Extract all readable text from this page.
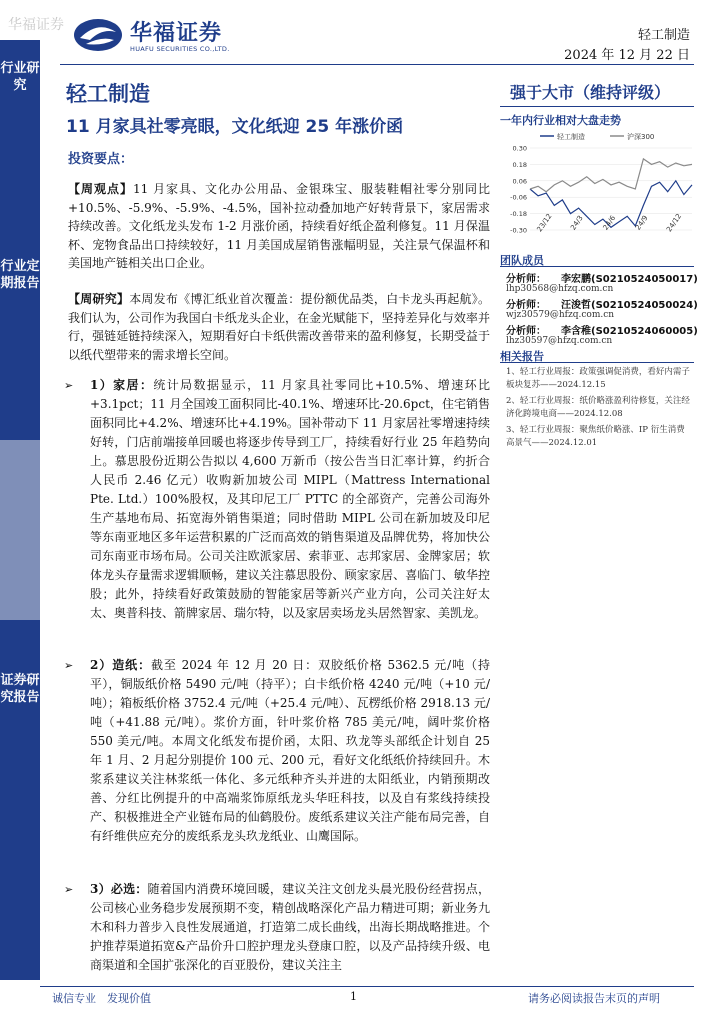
华福证券	华福证券
HUAFU SECURITIES CO.,LTD.
轻工制造
2024 年 12 月 22 日
行业研究
行业定期报告
证券研究报告
轻工制造
11 月家具社零亮眼，文化纸迎 25 年涨价函
投资要点：
【周观点】11 月家具、文化办公用品、金银珠宝、服装鞋帽社零分别同比+10.5%、-5.9%、-5.9%、-4.5%，国补拉动叠加地产好转背景下，家居需求持续改善。文化纸龙头发布 1-2 月涨价函，持续看好纸企盈利修复。11 月保温杯、宠物食品出口持续较好，11 月美国成屋销售涨幅明显，关注景气保温杯和美国地产链相关出口企业。
【周研究】本周发布《博汇纸业首次覆盖：提份额优品类，白卡龙头再起航》。我们认为，公司作为我国白卡纸龙头企业，在金光赋能下，坚持差异化与效率并行，强链延链持续深入，短期看好白卡纸供需改善带来的盈利修复，长期受益于以纸代塑带来的需求增长空间。
➢ 1）家居：统计局数据显示，11 月家具社零同比+10.5%、增速环比+3.1pct；11 月全国竣工面积同比-40.1%、增速环比-20.6pct，住宅销售面积同比+4.2%、增速环比+4.19%。国补带动下 11 月家居社零增速持续好转，门店前端接单回暖也将逐步传导到工厂，持续看好行业 25 年趋势向上。慕思股份近期公告拟以 4,600 万新币（按公告当日汇率计算，约折合人民币 2.46 亿元）收购新加坡公司 MIPL（Mattress International Pte. Ltd.）100%股权，及其印尼工厂 PTTC 的全部资产，完善公司海外生产基地布局、拓宽海外销售渠道；同时借助 MIPL 公司在新加坡及印尼等东南亚地区多年运营积累的广泛而高效的销售渠道及品牌优势，将加快公司东南亚市场布局。公司关注欧派家居、索菲亚、志邦家居、金牌家居；软体龙头存量需求逻辑顺畅，建议关注慕思股份、顾家家居、喜临门、敏华控股；此外，持续看好政策鼓励的智能家居等新兴产业方向，公司关注好太太、奥普科技、箭牌家居、瑞尔特，以及家居卖场龙头居然智家、美凯龙。
➢ 2）造纸：截至 2024 年 12 月 20 日：双胶纸价格 5362.5 元/吨（持平），铜版纸价格 5490 元/吨（持平）；白卡纸价格 4240 元/吨（+10 元/吨）；箱板纸价格 3752.4 元/吨（+25.4 元/吨）、瓦楞纸价格 2918.13 元/吨（+41.88 元/吨）。浆价方面，针叶浆价格 785 美元/吨，阔叶浆价格 550 美元/吨。本周文化纸发布提价函，太阳、玖龙等头部纸企计划自 25 年 1 月、2 月起分别提价 100 元、200 元，看好文化纸纸价持续回升。木浆系建议关注林浆纸一体化、多元纸种齐头并进的太阳纸业，内销预期改善、分红比例提升的中高端浆饰原纸龙头华旺科技，以及自有浆线持续投产、积极推进全产业链布局的仙鹤股份。废纸系建议关注产能布局完善，自有纤维供应充分的废纸系龙头玖龙纸业、山鹰国际。
➢ 3）必选：随着国内消费环境回暖，建议关注文创龙头晨光股份经营拐点，公司核心业务稳步发展预期不变，精创战略深化产品力精进可期；新业务九木和科力普步入良性发展通道，打造第二成长曲线，出海长期战略推进。个护推荐渠道拓宽&产品价升口腔护理龙头登康口腔，以及产品持续升级、电商渠道和全国扩张深化的百亚股份，建议关注主
强于大市（维持评级）
一年内行业相对大盘走势
轻工制造	沪深300
0.30
0.18
0.06
-0.06
-0.18
-0.30 23/12 24/3 24/6 24/9 24/12
团队成员
分析师：　　李宏鹏(S0210524050017)
lhp30568@hfzq.com.cn
分析师：　　汪浚哲(S0210524050024)
wjz30579@hfzq.com.cn
分析师：　　李含稚(S0210524060005)
lhz30597@hfzq.com.cn
相关报告
1、轻工行业周报：政策强调促消费，看好内需子板块复苏——2024.12.15
2、轻工行业周报：纸价略涨盈利待修复，关注经济化跨境电商——2024.12.08
3、轻工行业周报：聚焦纸价略涨、IP 衍生消费高景气——2024.12.01
诚信专业　发现价值	1	请务必阅读报告末页的声明
